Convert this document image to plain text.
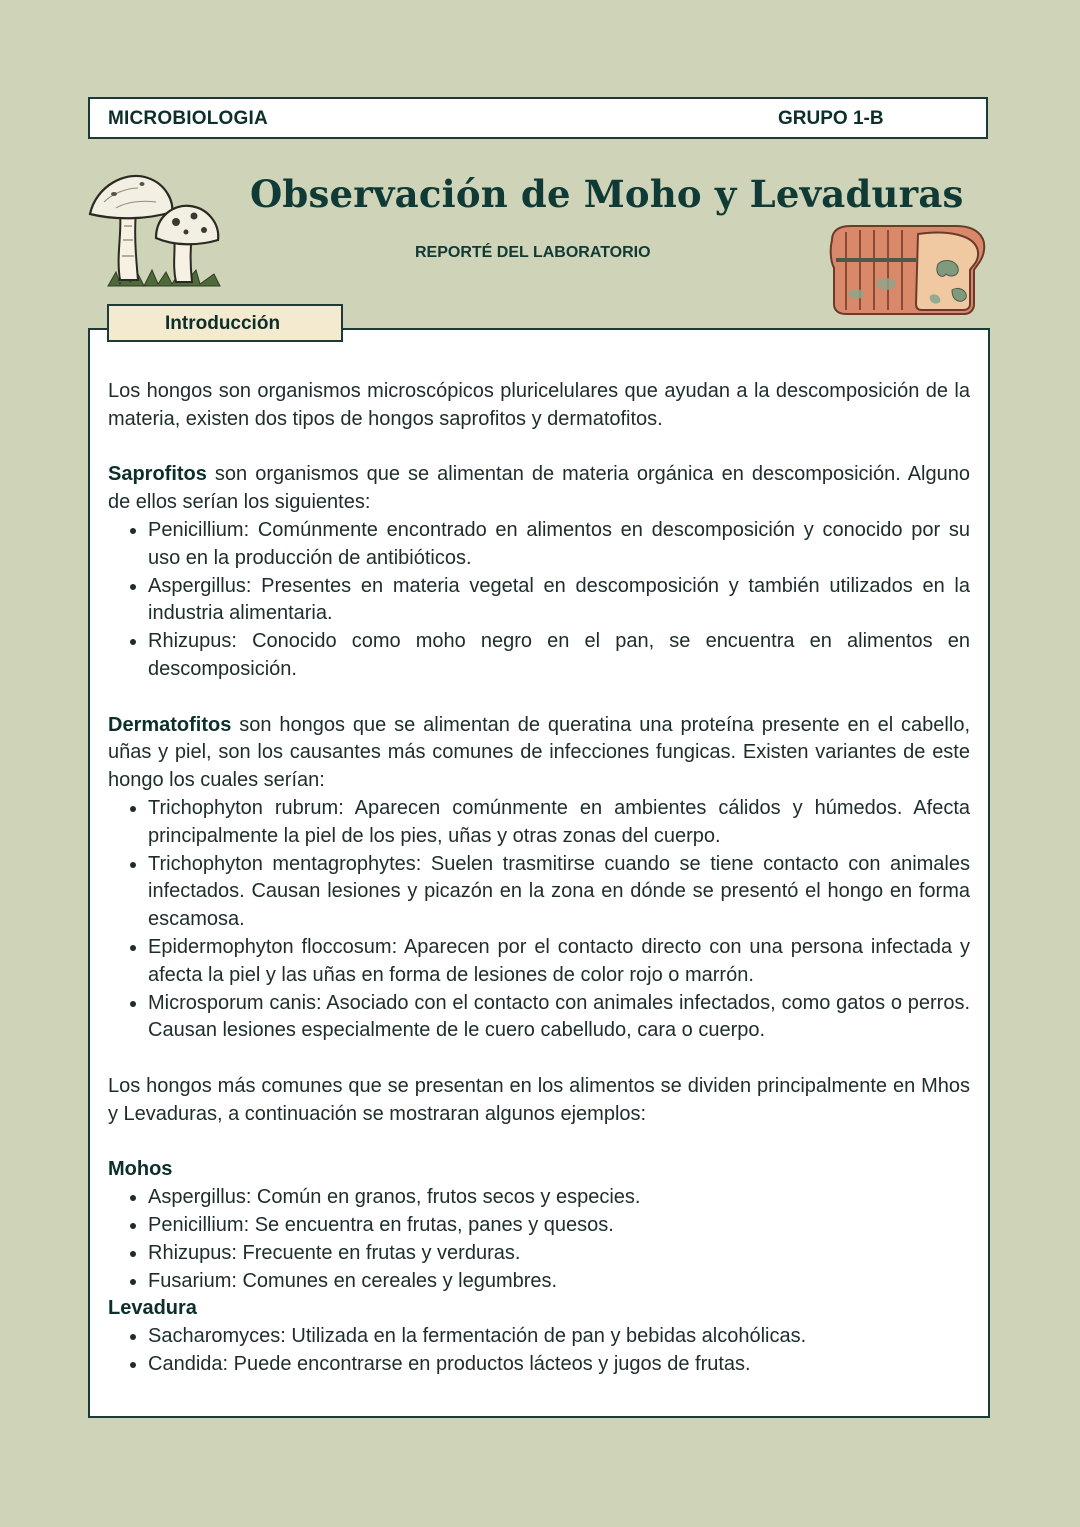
MICROBIOLOGIA	GRUPO 1-B
Observación de Moho y Levaduras
REPORTÉ DEL LABORATORIO

Los hongos son organismos microscópicos pluricelulares que ayudan a la descomposición de la materia, existen dos tipos de hongos saprofitos y dermatofitos.

Saprofitos son organismos que se alimentan de materia orgánica en descomposición. Alguno de ellos serían los siguientes:
• Penicillium: Comúnmente encontrado en alimentos en descomposición y conocido por su uso en la producción de antibióticos.
• Aspergillus: Presentes en materia vegetal en descomposición y también utilizados en la industria alimentaria.
• Rhizupus: Conocido como moho negro en el pan, se encuentra en alimentos en descomposición.
Dermatofitos son hongos que se alimentan de queratina una proteína presente en el cabello, uñas y piel, son los causantes más comunes de infecciones fungicas. Existen variantes de este hongo los cuales serían:
• Trichophyton rubrum: Aparecen comúnmente en ambientes cálidos y húmedos. Afecta principalmente la piel de los pies, uñas y otras zonas del cuerpo.
• Trichophyton mentagrophytes: Suelen trasmitirse cuando se tiene contacto con animales infectados. Causan lesiones y picazón en la zona en dónde se presentó el hongo en forma escamosa.
• Epidermophyton floccosum: Aparecen por el contacto directo con una persona infectada y afecta la piel y las uñas en forma de lesiones de color rojo o marrón.
• Microsporum canis: Asociado con el contacto con animales infectados, como gatos o perros. Causan lesiones especialmente de le cuero cabelludo, cara o cuerpo.

Los hongos más comunes que se presentan en los alimentos se dividen principalmente en Mhos y Levaduras, a continuación se mostraran algunos ejemplos:

Mohos
• Aspergillus: Común en granos, frutos secos y especies.
• Penicillium: Se encuentra en frutas, panes y quesos.
• Rhizupus: Frecuente en frutas y verduras.
• Fusarium: Comunes en cereales y legumbres.
Levadura
• Sacharomyces: Utilizada en la fermentación de pan y bebidas alcohólicas.
• Candida: Puede encontrarse en productos lácteos y jugos de frutas.
Introducción
